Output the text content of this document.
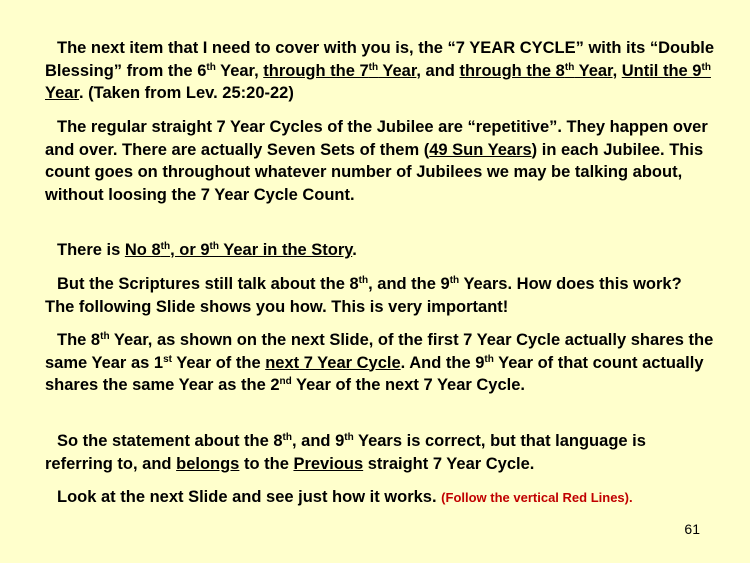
The next item that I need to cover with you is, the “7 YEAR CYCLE” with its “Double Blessing” from the 6th Year, through the 7th Year, and through the 8th Year, Until the 9th Year. (Taken from Lev. 25:20-22)

The regular straight 7 Year Cycles of the Jubilee are “repetitive”. They happen over and over. There are actually Seven Sets of them (49 Sun Years) in each Jubilee. This count goes on throughout whatever number of Jubilees we may be talking about, without loosing the 7 Year Cycle Count.

There is No 8th, or 9th Year in the Story.

But the Scriptures still talk about the 8th, and the 9th Years. How does this work? The following Slide shows you how. This is very important!

The 8th Year, as shown on the next Slide, of the first 7 Year Cycle actually shares the same Year as 1st Year of the next 7 Year Cycle. And the 9th Year of that count actually shares the same Year as the 2nd Year of the next 7 Year Cycle.

So the statement about the 8th, and 9th Years is correct, but that language is referring to, and belongs to the Previous straight 7 Year Cycle.

Look at the next Slide and see just how it works. (Follow the vertical Red Lines).

61
